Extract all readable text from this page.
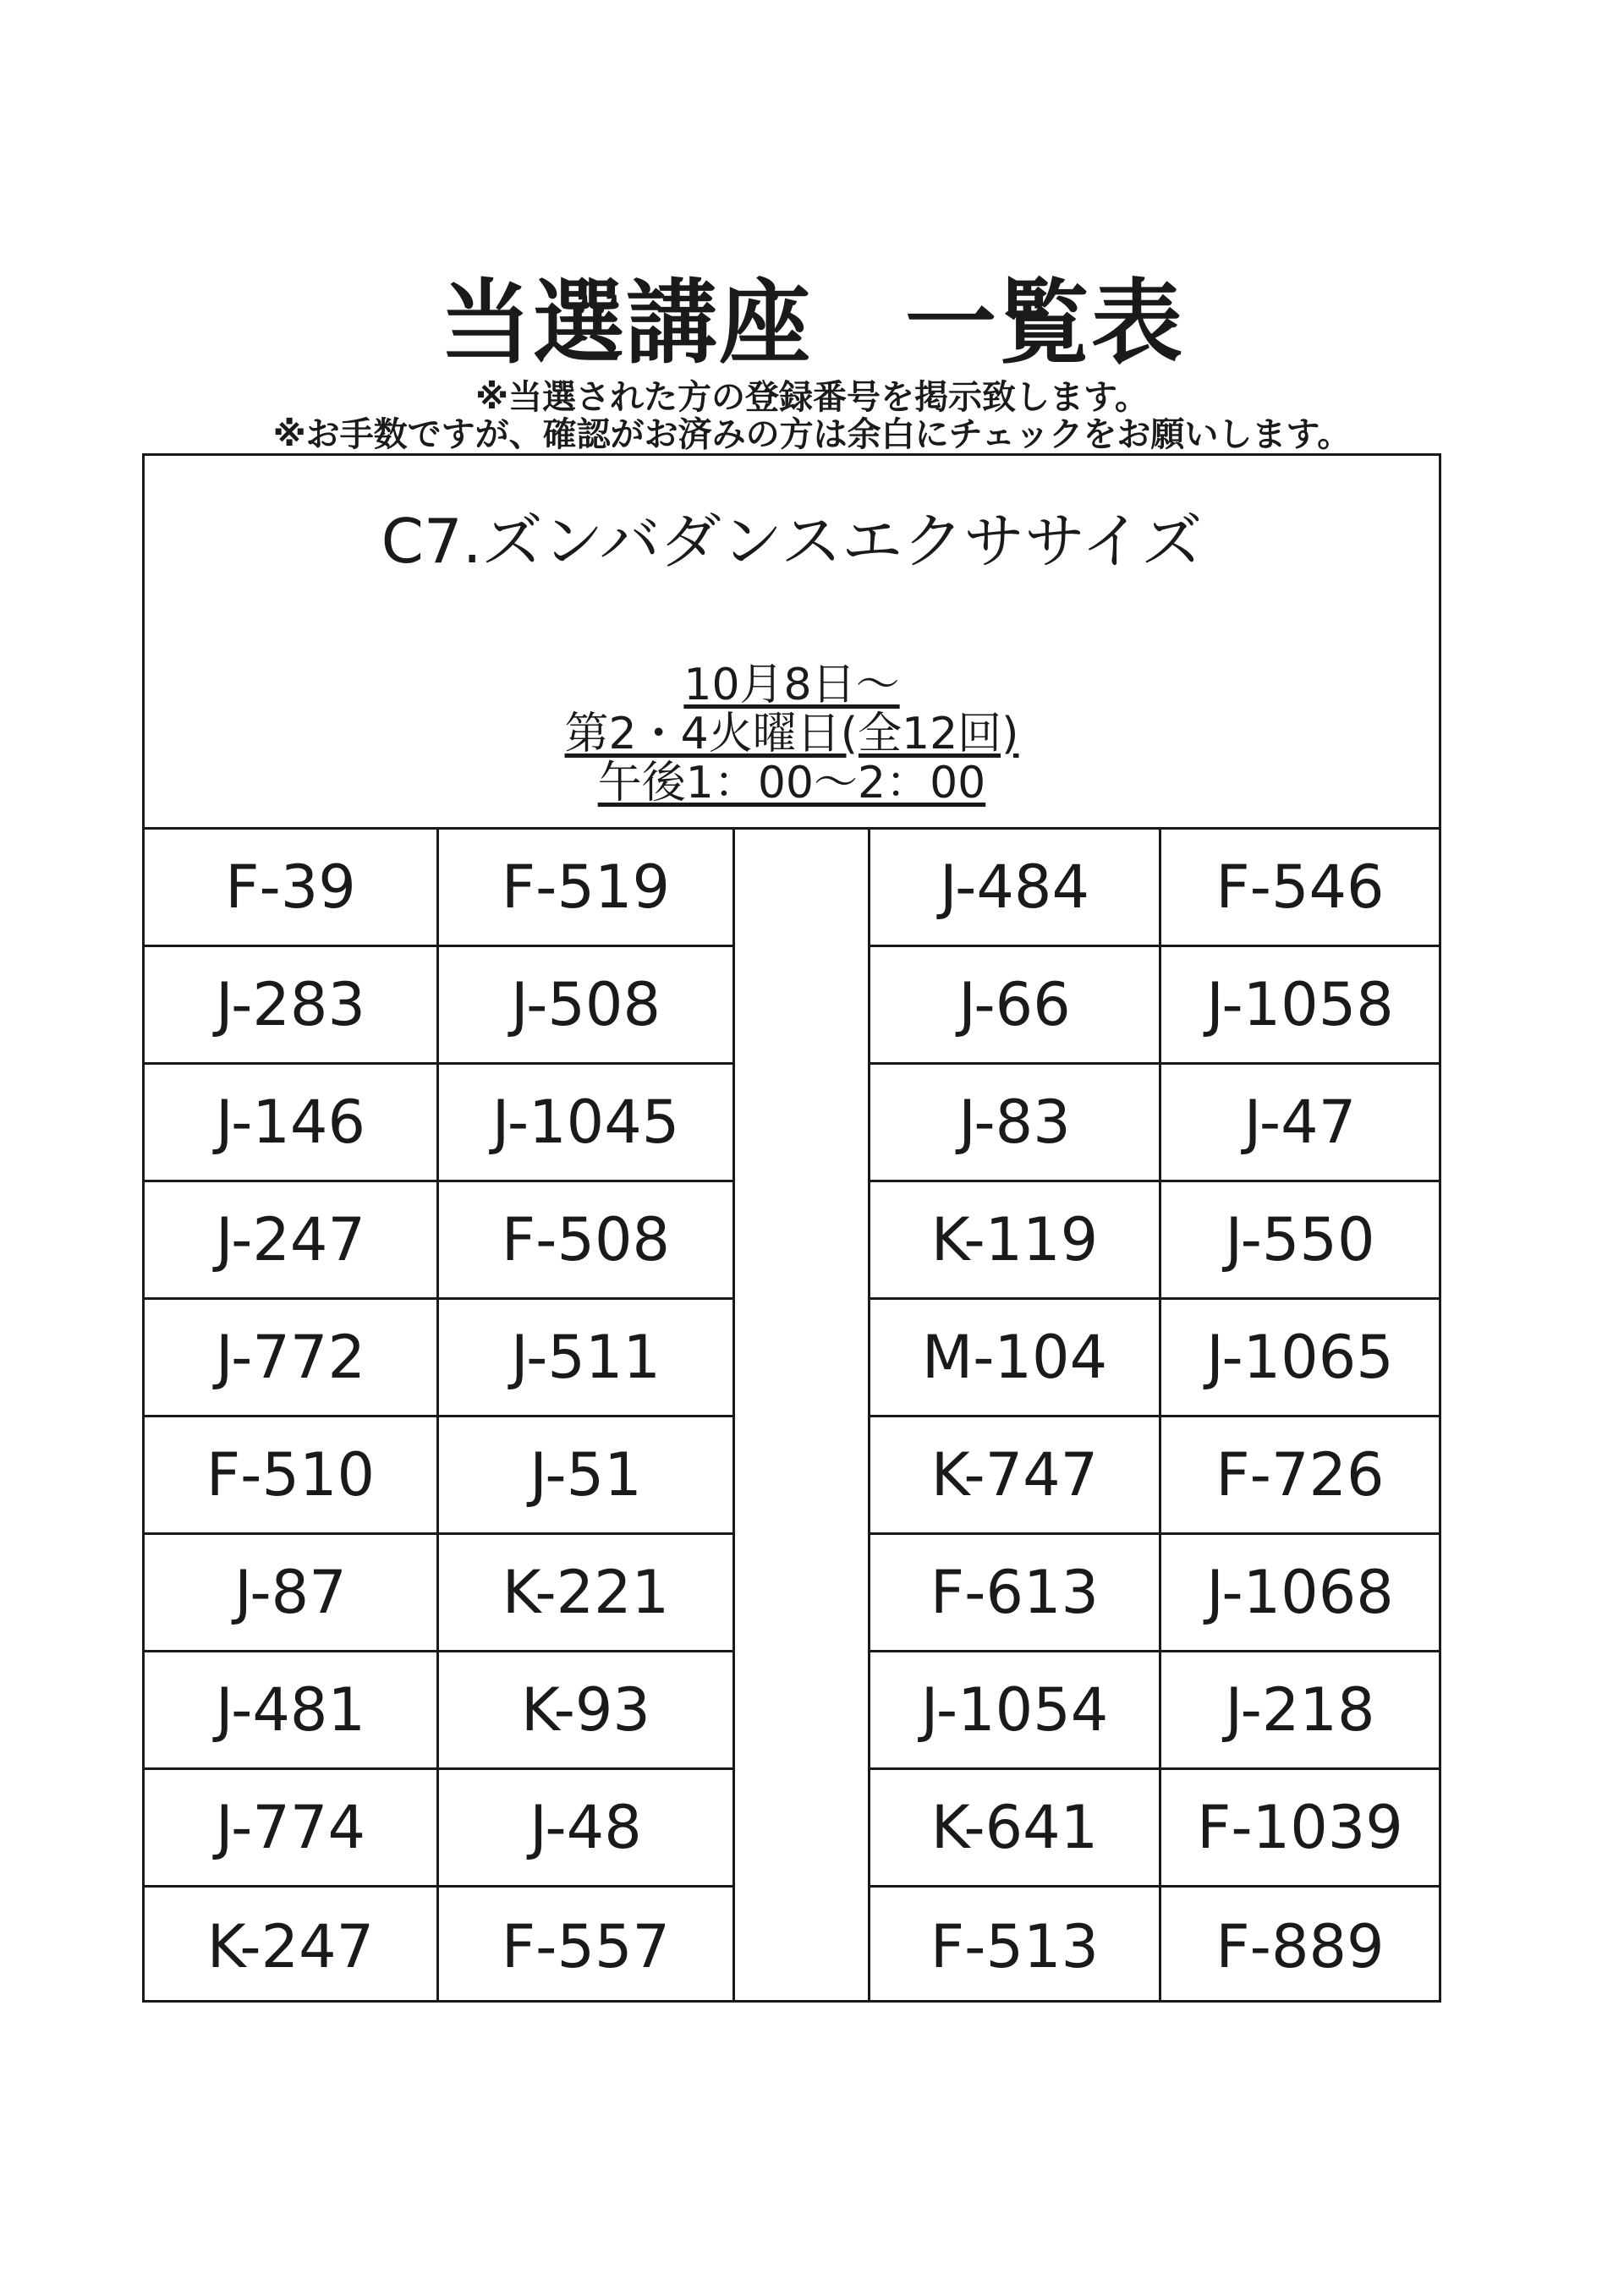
当選講座　一覧表
※当選された方の登録番号を掲示致します。
※お手数ですが、確認がお済みの方は余白にチェックをお願いします。
C7.ズンバダンスエクササイズ
10月8日～
第2・4火曜日(全12回)
午後1：00～2：00
F-39	F-519
J-283	J-508
J-146	J-1045
J-247	F-508
J-772	J-511
F-510	J-51
J-87	K-221
J-481	K-93
J-774	J-48
K-247	F-557
J-484	F-546
J-66	J-1058
J-83	J-47
K-119	J-550
M-104	J-1065
K-747	F-726
F-613	J-1068
J-1054	J-218
K-641	F-1039
F-513	F-889
